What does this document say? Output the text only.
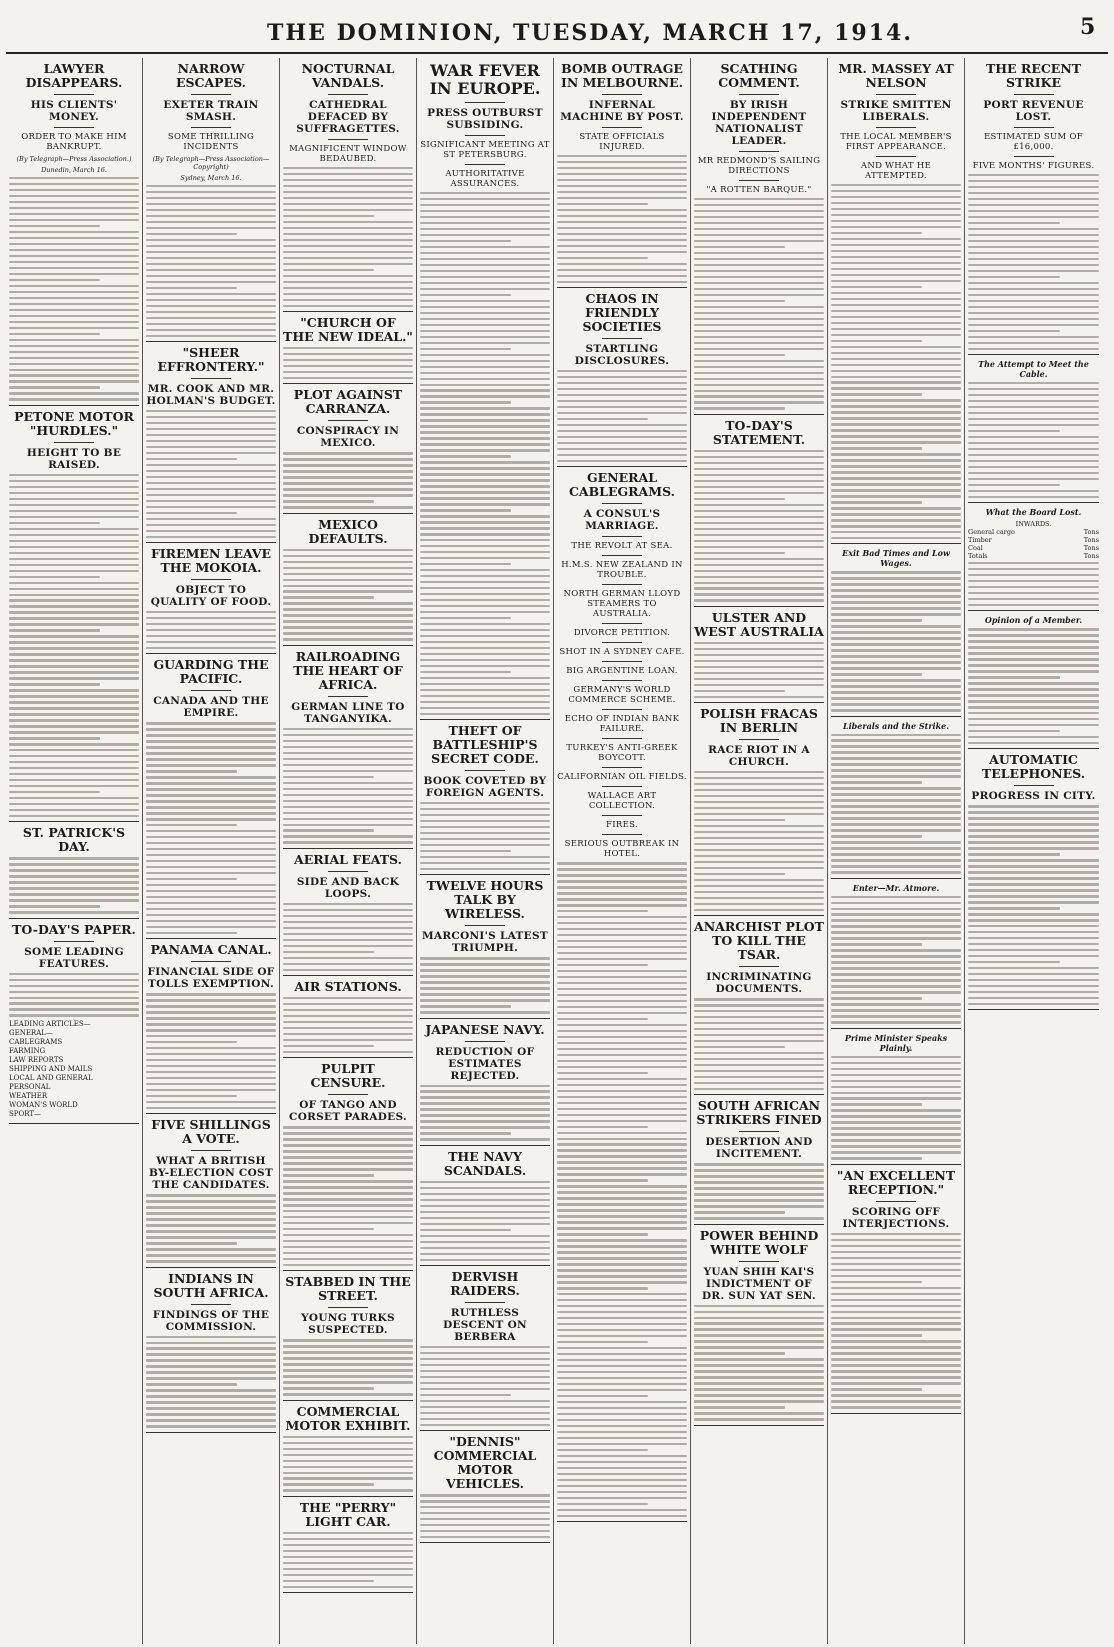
THE DOMINION, TUESDAY, MARCH 17, 1914.	5
LAWYER DISAPPEARS.
HIS CLIENTS' MONEY.
ORDER TO MAKE HIM BANKRUPT.
(By Telegraph—Press Association.)
Dunedin, March 16.
PETONE MOTOR "HURDLES."
HEIGHT TO BE RAISED.
ST. PATRICK'S DAY.
TO-DAY'S PAPER.
SOME LEADING FEATURES.
LEADING ARTICLES—
GENERAL—
CABLEGRAMS
FARMING
LAW REPORTS
SHIPPING AND MAILS
LOCAL AND GENERAL
PERSONAL
WEATHER
WOMAN'S WORLD
SPORT—
NARROW ESCAPES.
EXETER TRAIN SMASH.
SOME THRILLING INCIDENTS
(By Telegraph—Press Association—Copyright)
Sydney, March 16.
"SHEER EFFRONTERY."
MR. COOK AND MR. HOLMAN'S BUDGET.
FIREMEN LEAVE THE MOKOIA.
OBJECT TO QUALITY OF FOOD.
GUARDING THE PACIFIC.
CANADA AND THE EMPIRE.
PANAMA CANAL.
FINANCIAL SIDE OF TOLLS EXEMPTION.
FIVE SHILLINGS A VOTE.
WHAT A BRITISH BY-ELECTION COST THE CANDIDATES.
INDIANS IN SOUTH AFRICA.
FINDINGS OF THE COMMISSION.
NOCTURNAL VANDALS.
CATHEDRAL DEFACED BY SUFFRAGETTES.
MAGNIFICENT WINDOW BEDAUBED.
"CHURCH OF THE NEW IDEAL."
PLOT AGAINST CARRANZA.
CONSPIRACY IN MEXICO.
MEXICO DEFAULTS.
RAILROADING THE HEART OF AFRICA.
GERMAN LINE TO TANGANYIKA.
AERIAL FEATS.
SIDE AND BACK LOOPS.
AIR STATIONS.
PULPIT CENSURE.
OF TANGO AND CORSET PARADES.
STABBED IN THE STREET.
YOUNG TURKS SUSPECTED.
COMMERCIAL MOTOR EXHIBIT.
THE "PERRY" LIGHT CAR.
WAR FEVER IN EUROPE.
PRESS OUTBURST SUBSIDING.
SIGNIFICANT MEETING AT ST PETERSBURG.
AUTHORITATIVE ASSURANCES.
THEFT OF BATTLESHIP'S SECRET CODE.
BOOK COVETED BY FOREIGN AGENTS.
TWELVE HOURS TALK BY WIRELESS.
MARCONI'S LATEST TRIUMPH.
JAPANESE NAVY.
REDUCTION OF ESTIMATES REJECTED.
THE NAVY SCANDALS.
DERVISH RAIDERS.
RUTHLESS DESCENT ON BERBERA
"DENNIS" COMMERCIAL MOTOR VEHICLES.
BOMB OUTRAGE IN MELBOURNE.
INFERNAL MACHINE BY POST.
STATE OFFICIALS INJURED.
CHAOS IN FRIENDLY SOCIETIES
STARTLING DISCLOSURES.
GENERAL CABLEGRAMS.
A CONSUL'S MARRIAGE.
THE REVOLT AT SEA.
H.M.S. NEW ZEALAND IN TROUBLE.
NORTH GERMAN LLOYD STEAMERS TO AUSTRALIA.
DIVORCE PETITION.
SHOT IN A SYDNEY CAFE.
BIG ARGENTINE LOAN.
GERMANY'S WORLD COMMERCE SCHEME.
ECHO OF INDIAN BANK FAILURE.
TURKEY'S ANTI-GREEK BOYCOTT.
CALIFORNIAN OIL FIELDS.
WALLACE ART COLLECTION.
FIRES.
SERIOUS OUTBREAK IN HOTEL.
SCATHING COMMENT.
BY IRISH INDEPENDENT NATIONALIST LEADER.
MR REDMOND'S SAILING DIRECTIONS
"A ROTTEN BARQUE."
TO-DAY'S STATEMENT.
ULSTER AND WEST AUSTRALIA
POLISH FRACAS IN BERLIN
RACE RIOT IN A CHURCH.
ANARCHIST PLOT TO KILL THE TSAR.
INCRIMINATING DOCUMENTS.
SOUTH AFRICAN STRIKERS FINED
DESERTION AND INCITEMENT.
POWER BEHIND WHITE WOLF
YUAN SHIH KAI'S INDICTMENT OF DR. SUN YAT SEN.
MR. MASSEY AT NELSON
STRIKE SMITTEN LIBERALS.
THE LOCAL MEMBER'S FIRST APPEARANCE.
AND WHAT HE ATTEMPTED.
Exit Bad Times and Low Wages.
Liberals and the Strike.
Enter—Mr. Atmore.
Prime Minister Speaks Plainly.
"AN EXCELLENT RECEPTION."
SCORING OFF INTERJECTIONS.
THE RECENT STRIKE
PORT REVENUE LOST.
ESTIMATED SUM OF £16,000.
FIVE MONTHS' FIGURES.
The Attempt to Meet the Cable.
What the Board Lost.
INWARDS.	
General cargo	Tons
Timber	Tons
Coal	Tons
Totals	Tons
Opinion of a Member.
AUTOMATIC TELEPHONES.
PROGRESS IN CITY.
